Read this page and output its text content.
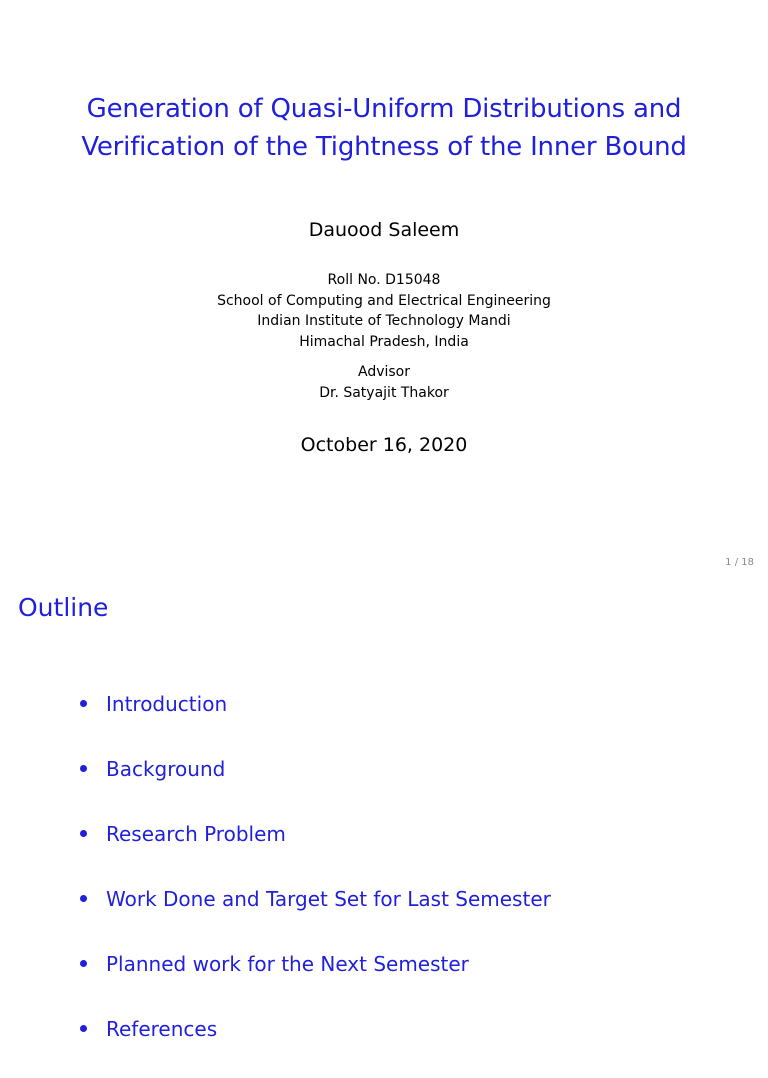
Generation of Quasi-Uniform Distributions and
Verification of the Tightness of the Inner Bound
Dauood Saleem
Roll No. D15048
School of Computing and Electrical Engineering
Indian Institute of Technology Mandi
Himachal Pradesh, India
Advisor
Dr. Satyajit Thakor
October 16, 2020
1 / 18
Outline
Introduction
Background
Research Problem
Work Done and Target Set for Last Semester
Planned work for the Next Semester
References
